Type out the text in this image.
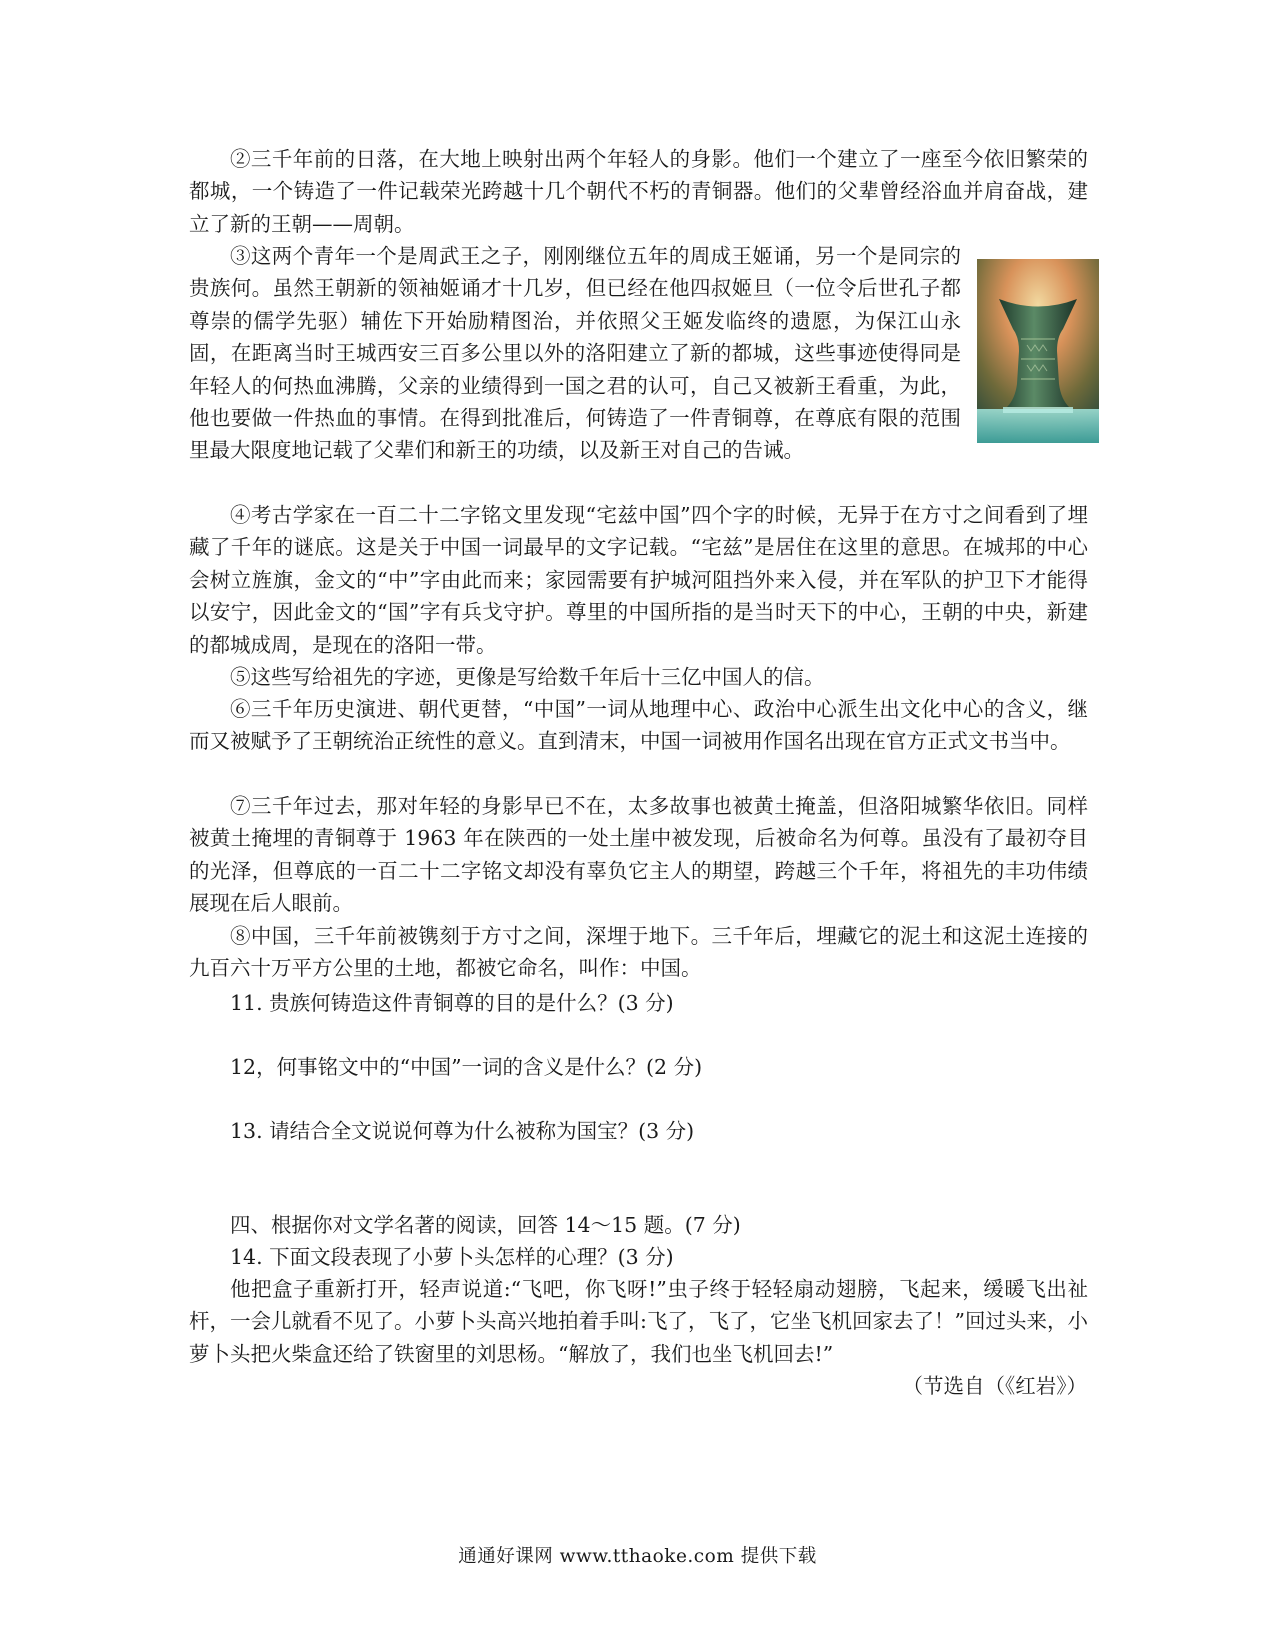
②三千年前的日落，在大地上映射出两个年轻人的身影。他们一个建立了一座至今依旧繁荣的都城，一个铸造了一件记载荣光跨越十几个朝代不朽的青铜器。他们的父辈曾经浴血并肩奋战，建立了新的王朝——周朝。

③这两个青年一个是周武王之子，刚刚继位五年的周成王姬诵，另一个是同宗的贵族何。虽然王朝新的领袖姬诵才十几岁，但已经在他四叔姬旦（一位令后世孔子都尊崇的儒学先驱）辅佐下开始励精图治，并依照父王姬发临终的遗愿，为保江山永固，在距离当时王城西安三百多公里以外的洛阳建立了新的都城，这些事迹使得同是年轻人的何热血沸腾，父亲的业绩得到一国之君的认可，自己又被新王看重，为此，他也要做一件热血的事情。在得到批准后，何铸造了一件青铜尊，在尊底有限的范围里最大限度地记载了父辈们和新王的功绩，以及新王对自己的告诫。

④考古学家在一百二十二字铭文里发现“宅兹中国”四个字的时候，无异于在方寸之间看到了埋藏了千年的谜底。这是关于中国一词最早的文字记载。“宅兹”是居住在这里的意思。在城邦的中心会树立旌旗，金文的“中”字由此而来；家园需要有护城河阻挡外来入侵，并在军队的护卫下才能得以安宁，因此金文的“国”字有兵戈守护。尊里的中国所指的是当时天下的中心，王朝的中央，新建的都城成周，是现在的洛阳一带。

⑤这些写给祖先的字迹，更像是写给数千年后十三亿中国人的信。

⑥三千年历史演进、朝代更替，“中国”一词从地理中心、政治中心派生出文化中心的含义，继而又被赋予了王朝统治正统性的意义。直到清末，中国一词被用作国名出现在官方正式文书当中。

⑦三千年过去，那对年轻的身影早已不在，太多故事也被黄土掩盖，但洛阳城繁华依旧。同样被黄土掩埋的青铜尊于 1963 年在陕西的一处土崖中被发现，后被命名为何尊。虽没有了最初夺目的光泽，但尊底的一百二十二字铭文却没有辜负它主人的期望，跨越三个千年，将祖先的丰功伟绩展现在后人眼前。

⑧中国，三千年前被镌刻于方寸之间，深埋于地下。三千年后，埋藏它的泥土和这泥土连接的九百六十万平方公里的土地，都被它命名，叫作：中国。

11. 贵族何铸造这件青铜尊的目的是什么？(3 分)

12，何事铭文中的“中国”一词的含义是什么？(2 分)

13. 请结合全文说说何尊为什么被称为国宝？(3 分)

四、根据你对文学名著的阅读，回答 14～15 题。(7 分)

14. 下面文段表现了小萝卜头怎样的心理？(3 分)

他把盒子重新打开，轻声说道:“飞吧，你飞呀!”虫子终于轻轻扇动翅膀，飞起来，缓暖飞出祉杆，一会儿就看不见了。小萝卜头高兴地拍着手叫:飞了，飞了，它坐飞机回家去了！”回过头来，小萝卜头把火柴盒还给了铁窗里的刘思杨。“解放了，我们也坐飞机回去!”

（节选自（《红岩》）

通通好课网 www.tthaoke.com 提供下载
